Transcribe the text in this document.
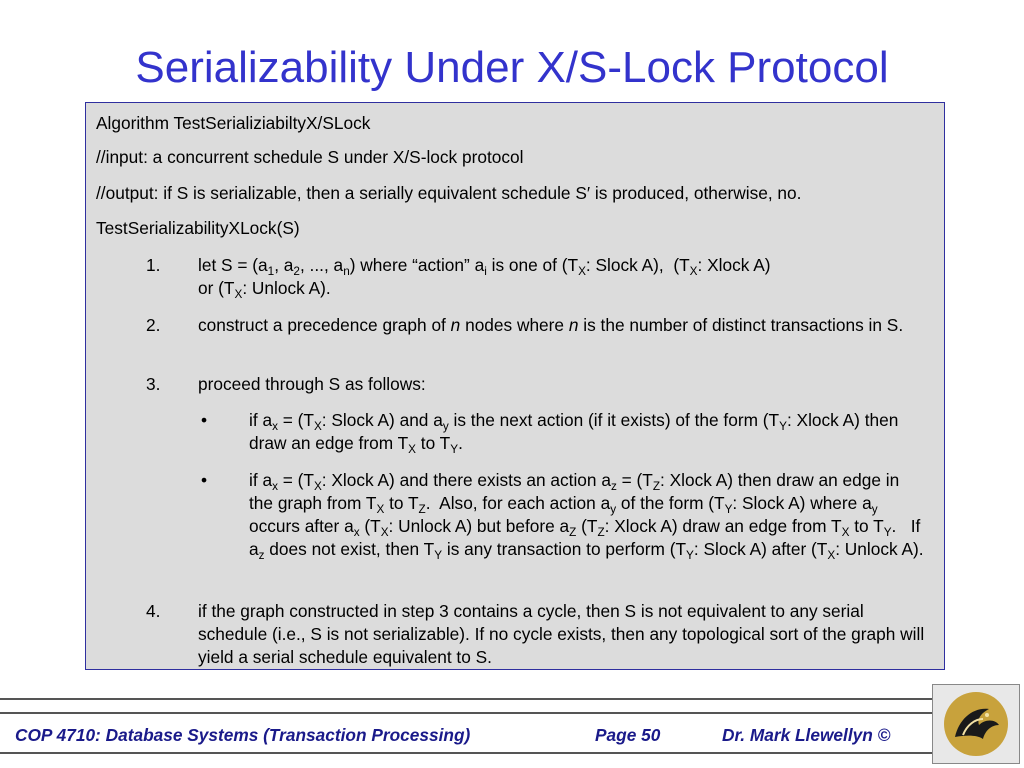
Serializability Under X/S-Lock Protocol
Algorithm TestSerializiabiltyX/SLock
//input: a concurrent schedule S under X/S-lock protocol
//output: if S is serializable, then a serially equivalent schedule S′ is produced, otherwise, no.
TestSerializabilityXLock(S)
1. let $S = (a_1$, $a_2$, ..., $a_n$) where “action” $a_i$ is one of ($T_X$: Slock A),  ($T_X$: Xlock A)
or ($T_X$: Unlock A).
2. construct a precedence graph of n nodes where n is the number of distinct transactions in S.
3. proceed through S as follows:
• if $a_x = (T_X$: Slock A) and $a_y$ is the next action (if it exists) of the form ($T_Y$: Xlock A) then draw an edge from $T_X$ to $T_Y$.
• if $a_x = (T_X$: Xlock A) and there exists an action $a_z = (T_Z$: Xlock A) then draw an edge in the graph from $T_X$ to $T_Z$.  Also, for each action $a_y$ of the form ($T_Y$: Slock A) where $a_y$ occurs after $a_x$ ($T_X$: Unlock A) but before $a_Z$ ($T_Z$: Xlock A) draw an edge from $T_X$ to $T_Y$.   If $a_z$ does not exist, then $T_Y$ is any transaction to perform ($T_Y$: Slock A) after ($T_X$: Unlock A).
4. if the graph constructed in step 3 contains a cycle, then S is not equivalent to any serial schedule (i.e., S is not serializable). If no cycle exists, then any topological sort of the graph will yield a serial schedule equivalent to S.
COP 4710: Database Systems (Transaction Processing)	Page 50	Dr. Mark Llewellyn ©
